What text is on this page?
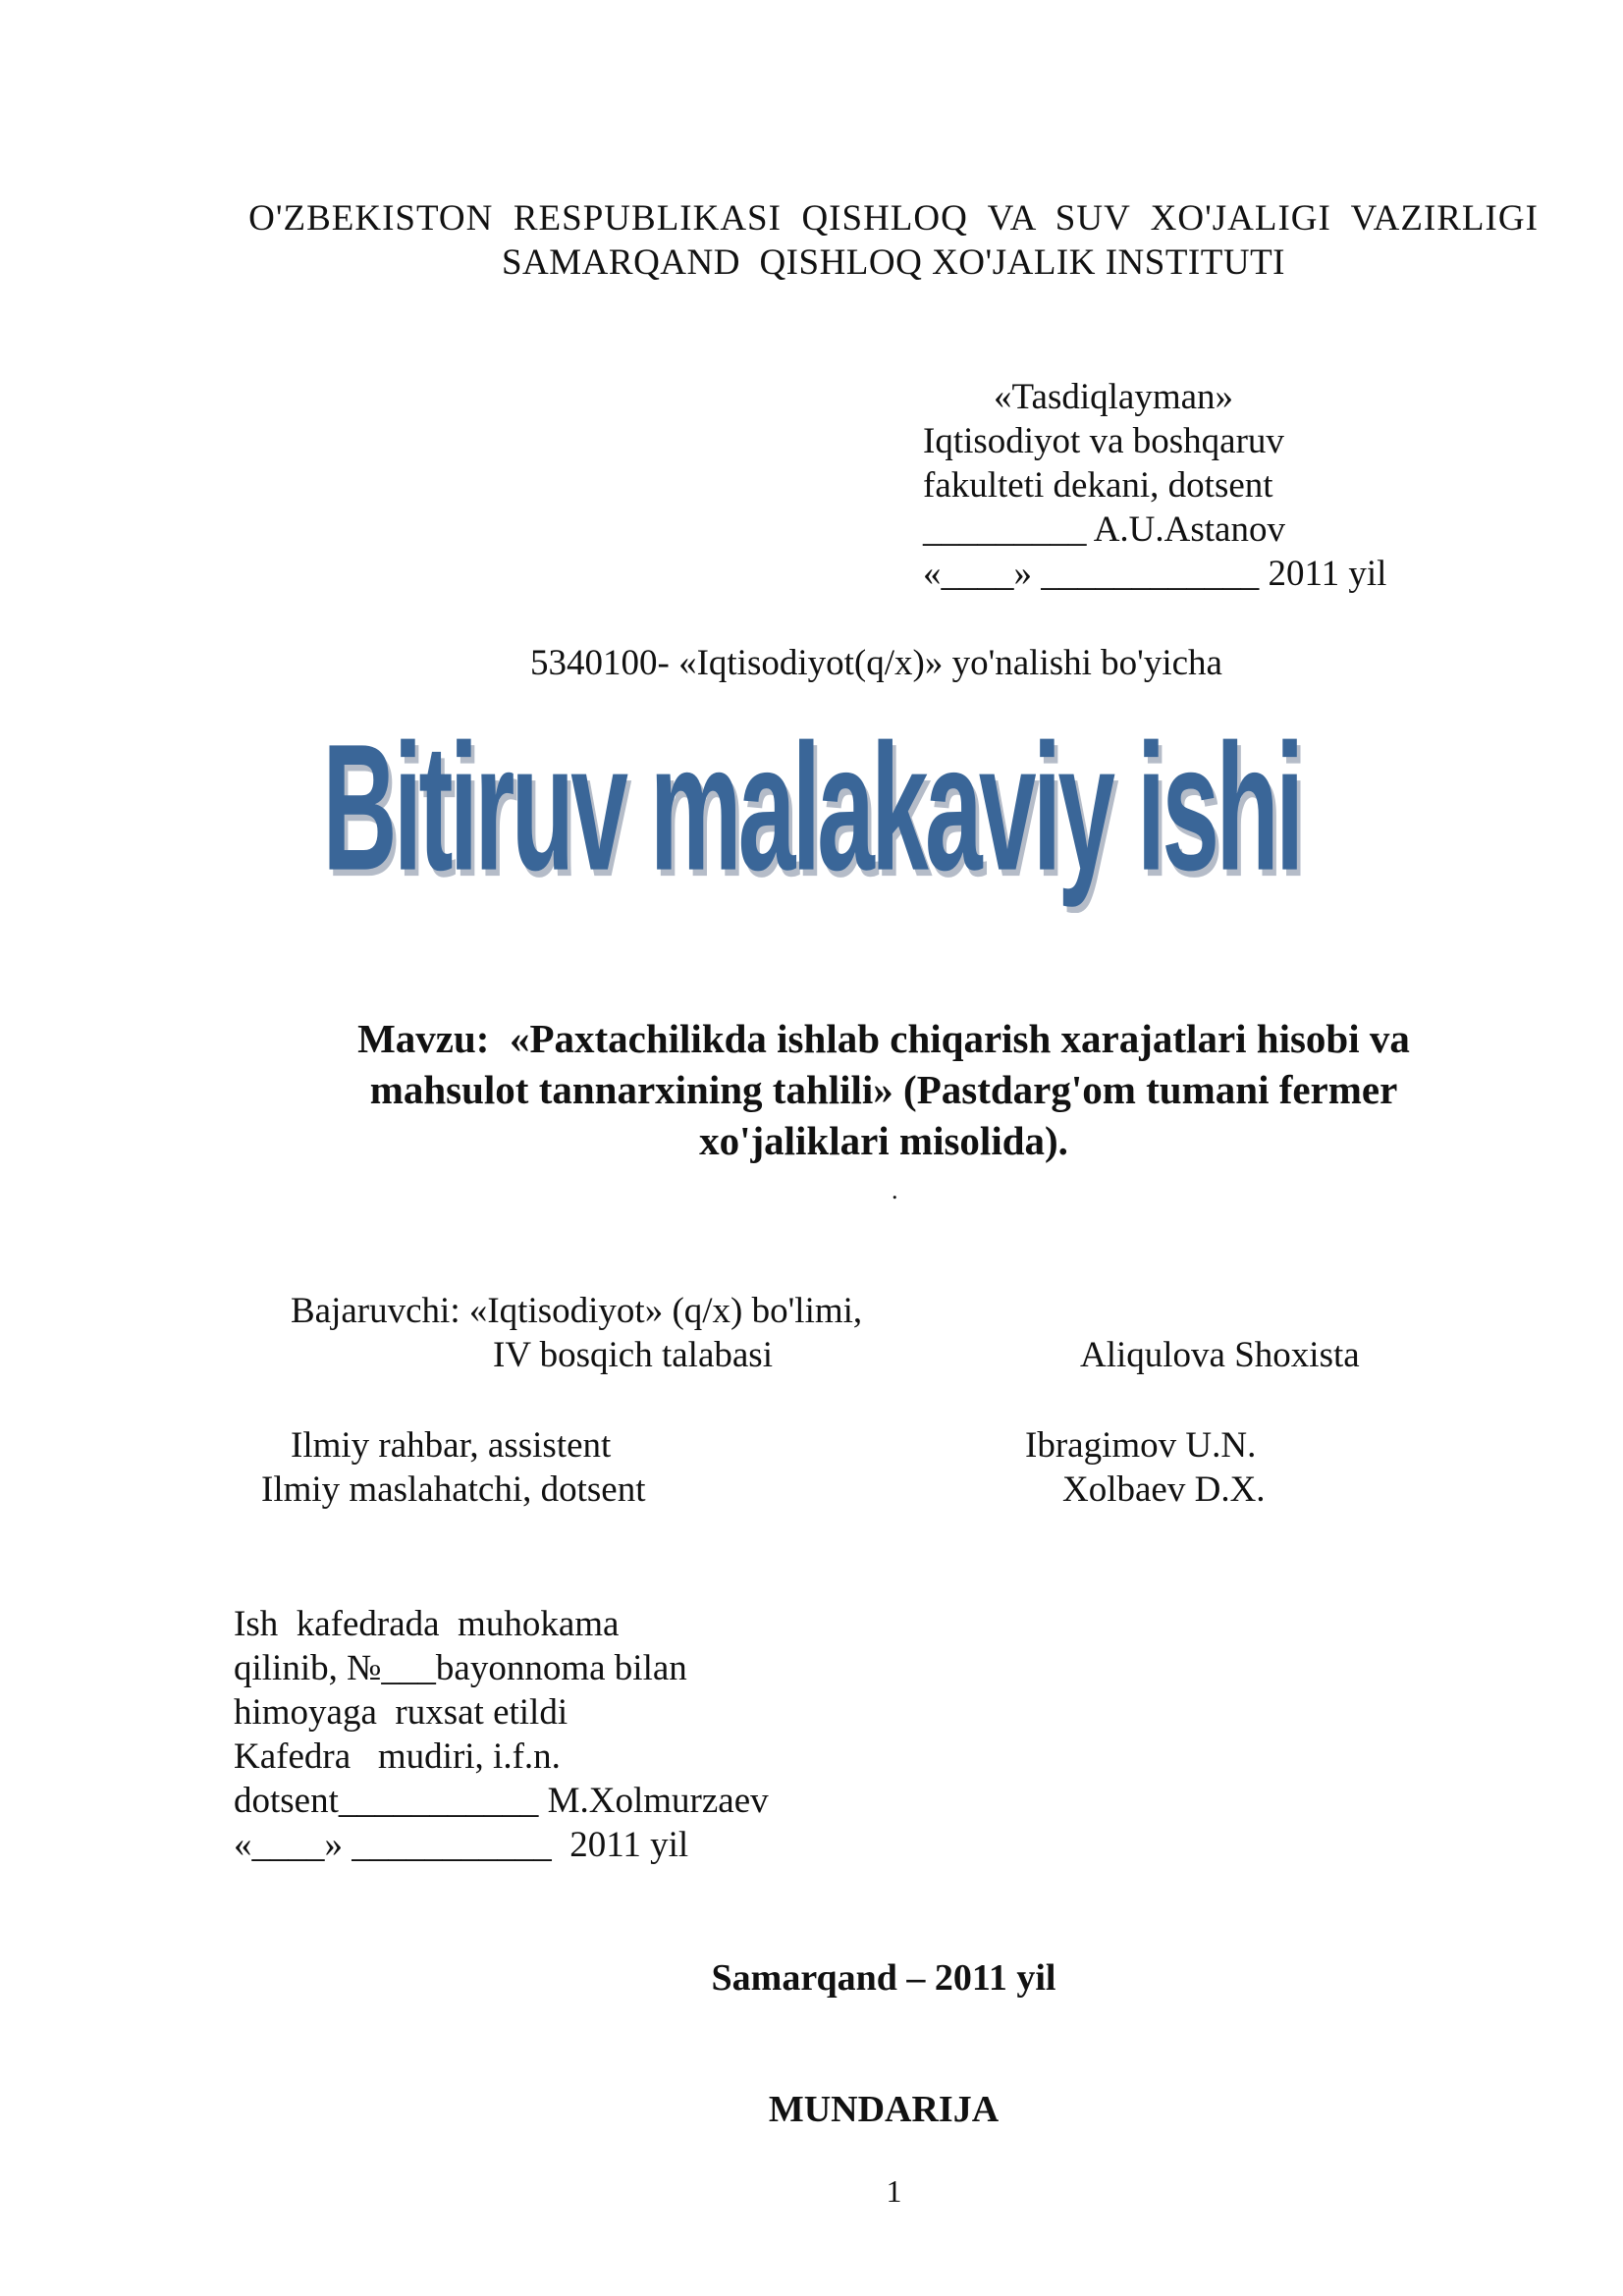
O'ZBEKISTON  RESPUBLIKASI  QISHLOQ  VA  SUV  XO'JALIGI  VAZIRLIGI
SAMARQAND  QISHLOQ XO'JALIK INSTITUTI
«Tasdiqlayman»
Iqtisodiyot va boshqaruv
fakulteti dekani, dotsent
_________ A.U.Astanov
«____» ____________ 2011 yil
5340100- «Iqtisodiyot(q/x)» yo'nalishi bo'yicha
Bitiruv malakaviy ishi
Mavzu:  «Paxtachilikda ishlab chiqarish xarajatlari hisobi va
mahsulot tannarxining tahlili» (Pastdarg'om tumani fermer
xo'jaliklari misolida).
.
Bajaruvchi: «Iqtisodiyot» (q/x) bo'limi,
IV bosqich talabasi	Aliqulova Shoxista
Ilmiy rahbar, assistent	Ibragimov U.N.
Ilmiy maslahatchi, dotsent	Xolbaev D.X.
Ish  kafedrada  muhokama
qilinib, №___bayonnoma bilan
himoyaga  ruxsat etildi
Kafedra   mudiri, i.f.n.
dotsent___________ M.Xolmurzaev
«____» ___________  2011 yil
Samarqand – 2011 yil
MUNDARIJA
1
